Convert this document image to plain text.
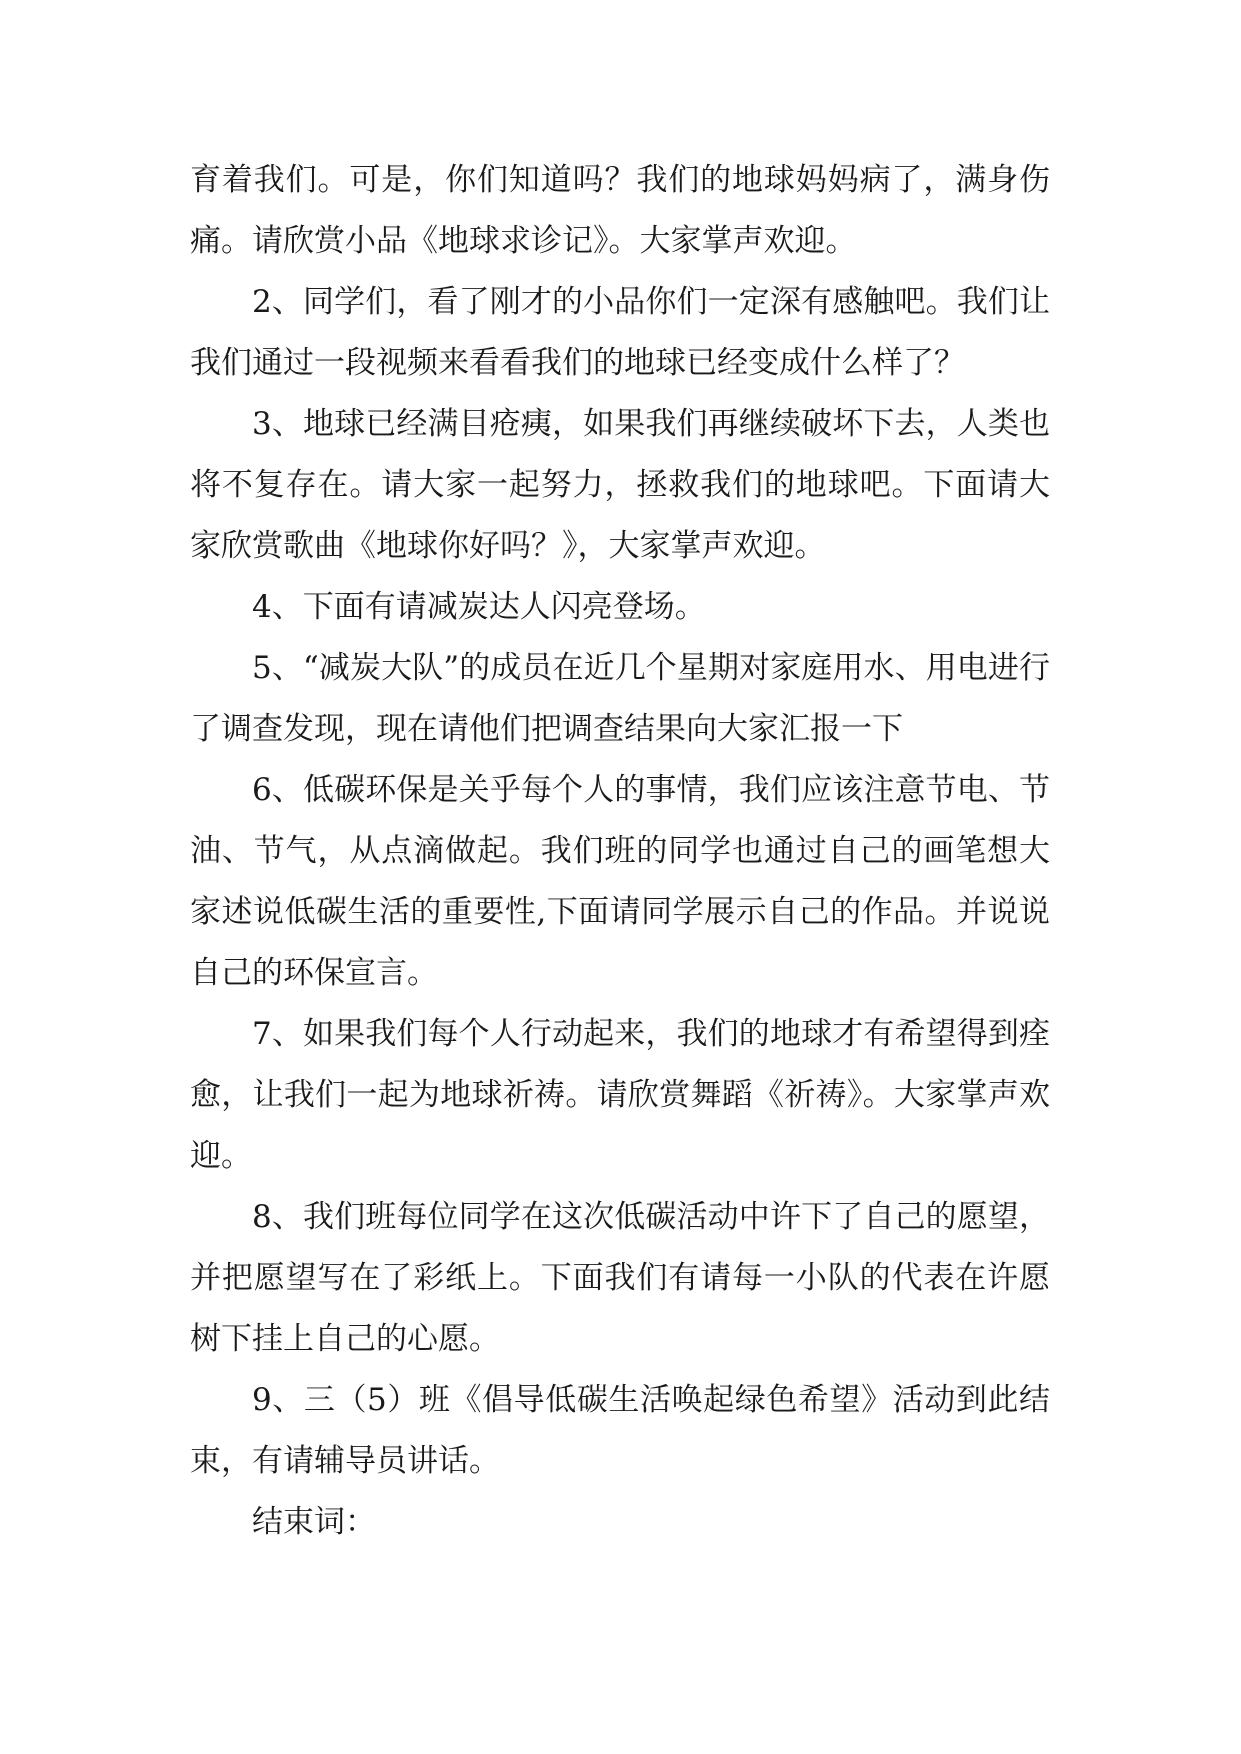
育着我们。可是，你们知道吗？我们的地球妈妈病了，满身伤痛。请欣赏小品《地球求诊记》。大家掌声欢迎。

2、同学们，看了刚才的小品你们一定深有感触吧。我们让我们通过一段视频来看看我们的地球已经变成什么样了？

3、地球已经满目疮痍，如果我们再继续破坏下去，人类也将不复存在。请大家一起努力，拯救我们的地球吧。下面请大家欣赏歌曲《地球你好吗？》，大家掌声欢迎。

4、下面有请减炭达人闪亮登场。

5、“减炭大队”的成员在近几个星期对家庭用水、用电进行了调查发现，现在请他们把调查结果向大家汇报一下

6、低碳环保是关乎每个人的事情，我们应该注意节电、节油、节气，从点滴做起。我们班的同学也通过自己的画笔想大家述说低碳生活的重要性,下面请同学展示自己的作品。并说说自己的环保宣言。

7、如果我们每个人行动起来，我们的地球才有希望得到痊愈，让我们一起为地球祈祷。请欣赏舞蹈《祈祷》。大家掌声欢迎。

8、我们班每位同学在这次低碳活动中许下了自己的愿望，并把愿望写在了彩纸上。下面我们有请每一小队的代表在许愿树下挂上自己的心愿。

9、三（5）班《倡导低碳生活唤起绿色希望》活动到此结束，有请辅导员讲话。

结束词：
